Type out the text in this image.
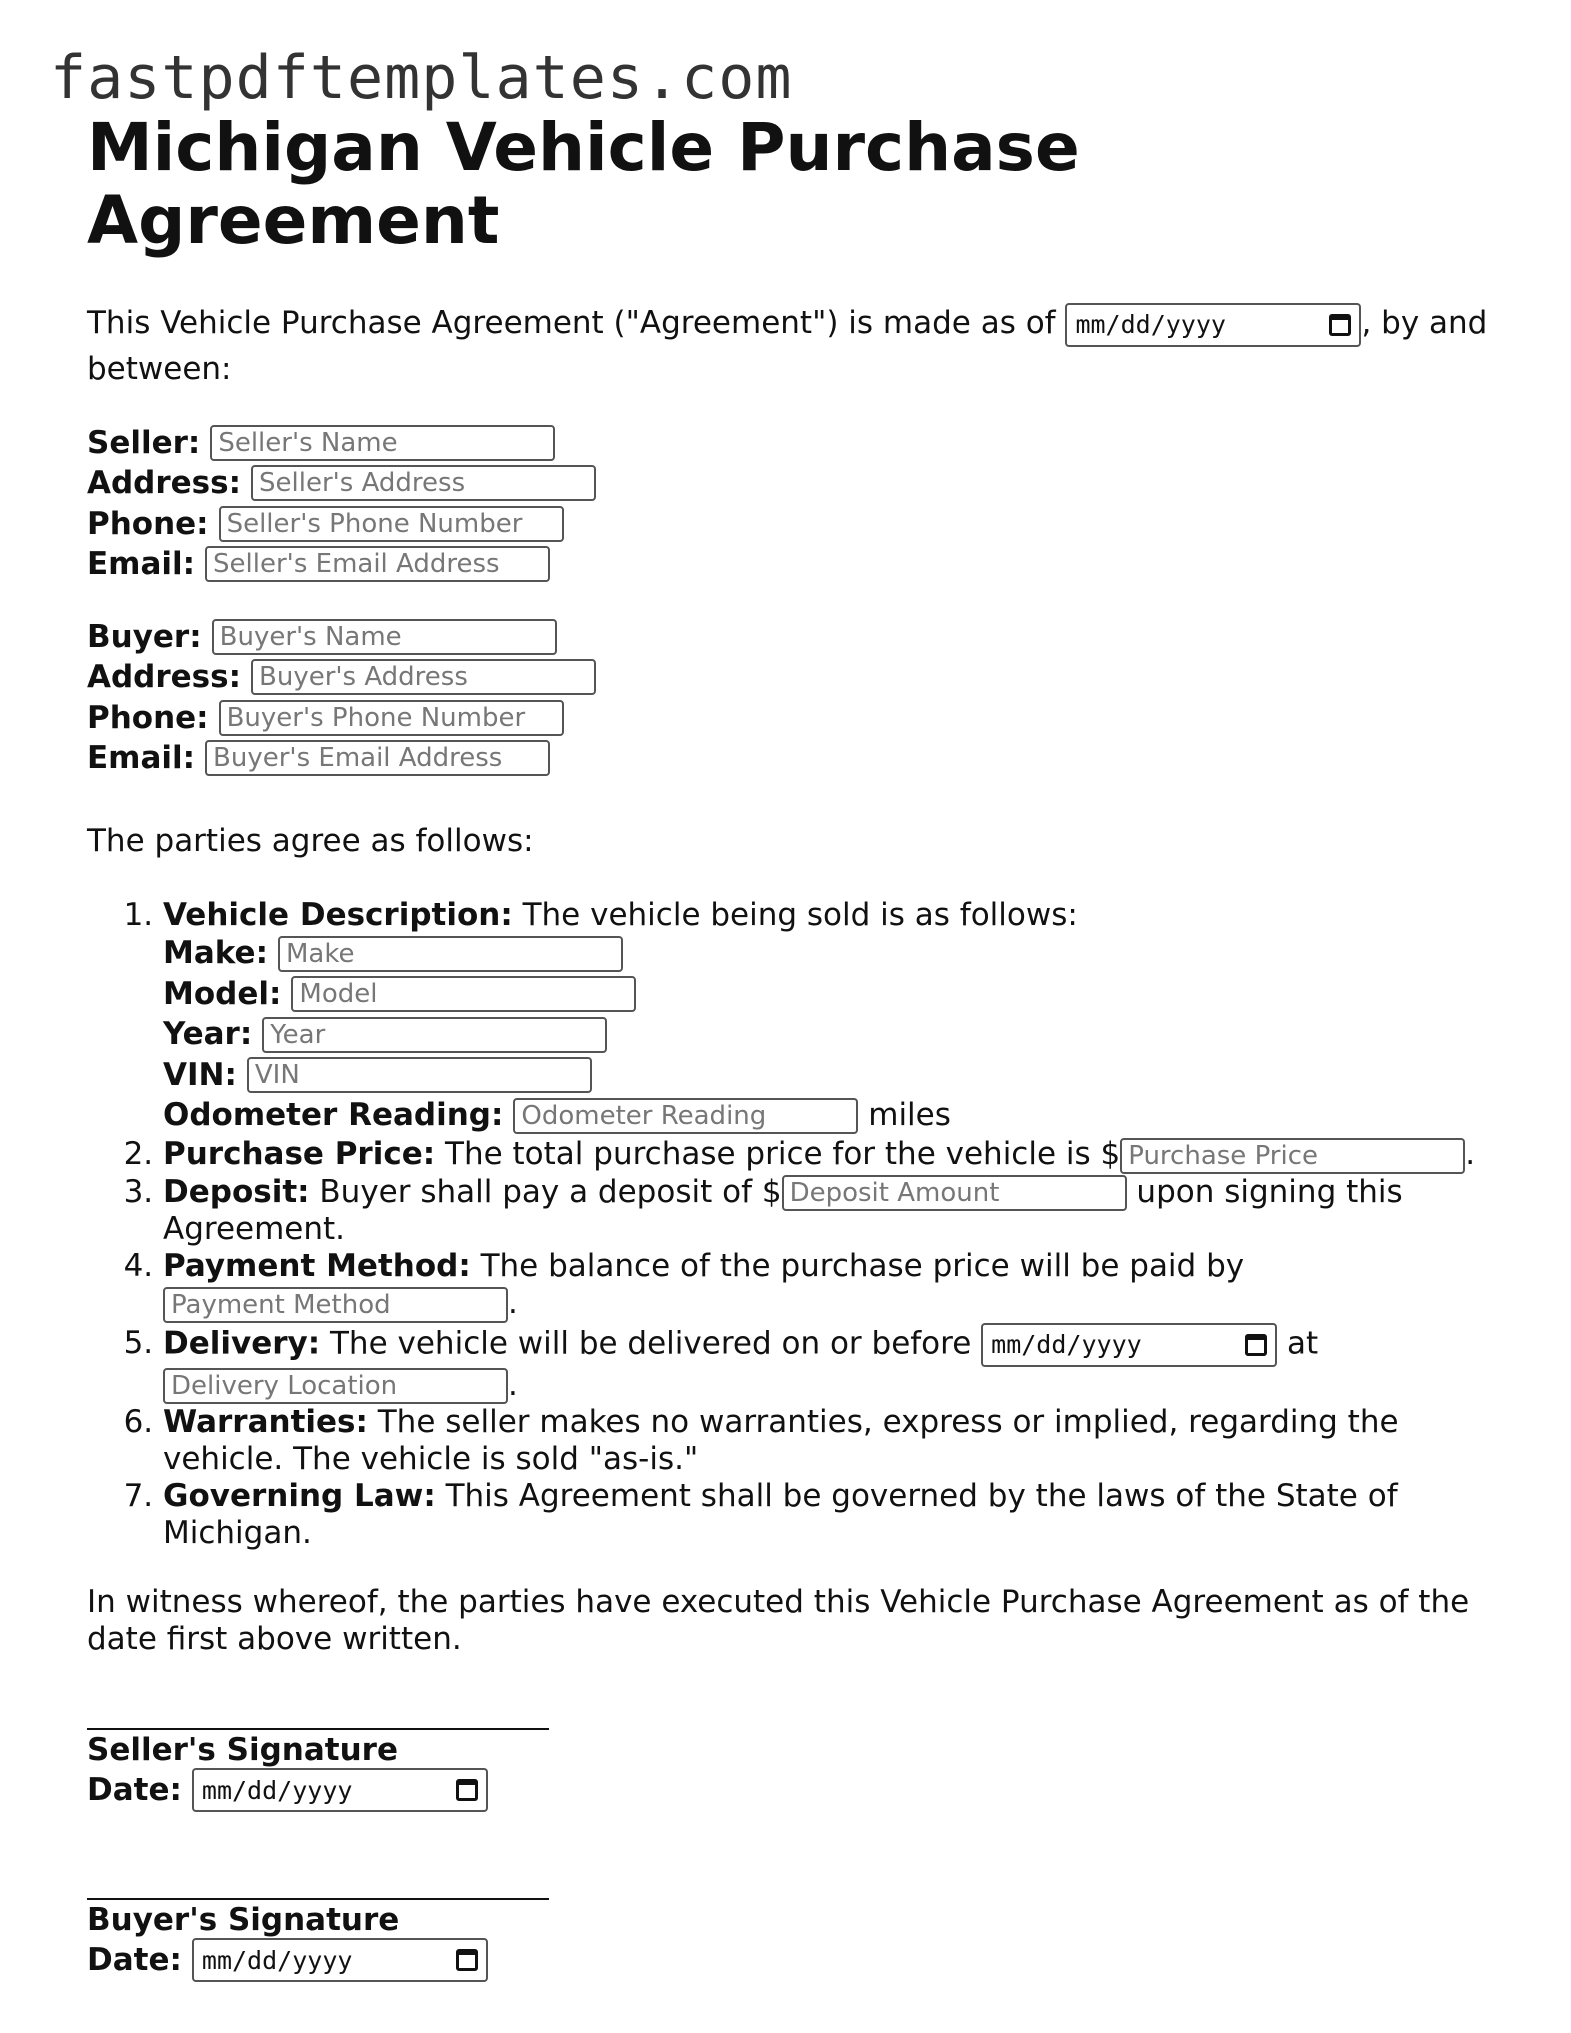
fastpdftemplates.com
Michigan Vehicle Purchase Agreement
This Vehicle Purchase Agreement ("Agreement") is made as of mm/dd/yyyy	, by and between:
Seller: Seller's Name
Address: Seller's Address
Phone: Seller's Phone Number
Email: Seller's Email Address
Buyer: Buyer's Name
Address: Buyer's Address
Phone: Buyer's Phone Number
Email: Buyer's Email Address
The parties agree as follows:
1. Vehicle Description: The vehicle being sold is as follows:
Make: Make
Model: Model
Year: Year
VIN: VIN
Odometer Reading: Odometer Reading
	miles
2. Purchase Price: The total purchase price for the vehicle is $ Purchase Price	.
3. Deposit: Buyer shall pay a deposit of $ Deposit Amount	upon signing this Agreement.
4. Payment Method: The balance of the purchase price will be paid by
Payment Method	.
5. Delivery: The vehicle will be delivered on or before mm/dd/yyyy	at
Delivery Location	.
6. Warranties: The seller makes no warranties, express or implied, regarding the vehicle. The vehicle is sold "as-is."
7. Governing Law: This Agreement shall be governed by the laws of the State of Michigan.
In witness whereof, the parties have executed this Vehicle Purchase Agreement as of the date first above written.
Seller's Signature
Date: mm/dd/yyyy
Buyer's Signature
Date: mm/dd/yyyy
